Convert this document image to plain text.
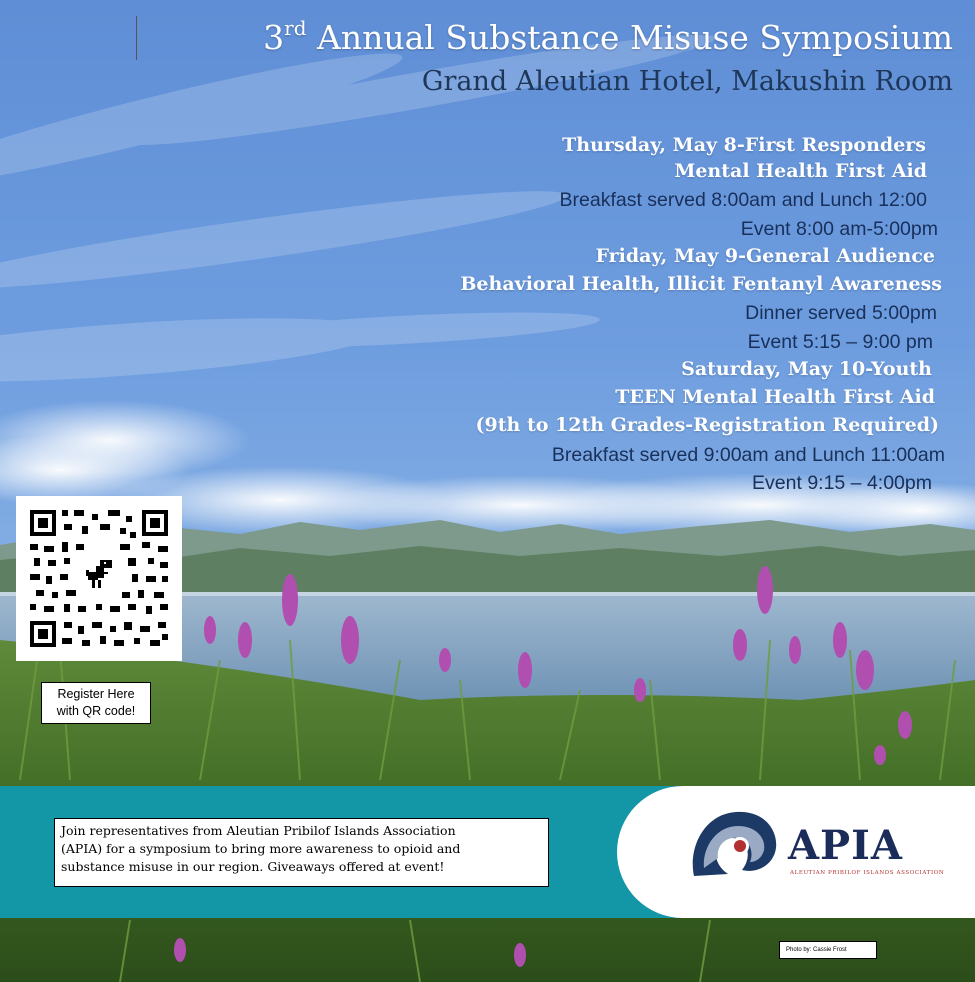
3rd Annual Substance Misuse Symposium
Grand Aleutian Hotel, Makushin Room
Thursday, May 8-First Responders
Mental Health First Aid
Breakfast served 8:00am and Lunch 12:00
Event 8:00 am-5:00pm
Friday, May 9-General Audience
Behavioral Health, Illicit Fentanyl Awareness
Dinner served 5:00pm
Event 5:15 – 9:00 pm
Saturday, May 10-Youth
TEEN Mental Health First Aid
(9th to 12th Grades-Registration Required)
Breakfast served 9:00am and Lunch 11:00am
Event 9:15 – 4:00pm
Register Here
with QR code!
APIA
ALEUTIAN PRIBILOF ISLANDS ASSOCIATION
Join representatives from Aleutian Pribilof Islands Association
(APIA) for a symposium to bring more awareness to opioid and
substance misuse in our region. Giveaways offered at event!
Photo by: Cassie Frost
